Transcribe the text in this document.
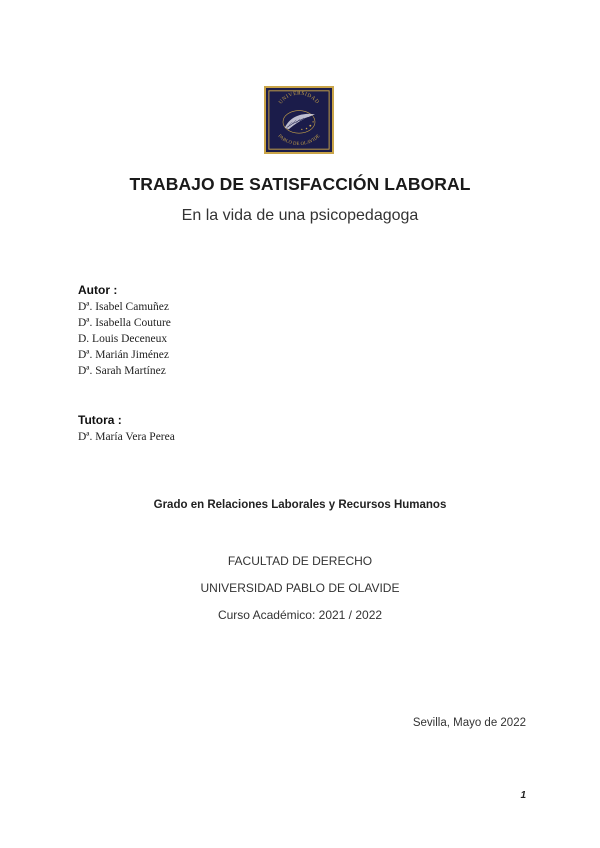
UNIVERSIDAD
PABLO DE OLAVIDE
TRABAJO DE SATISFACCIÓN LABORAL
En la vida de una psicopedagoga
Autor :
Dª. Isabel Camuñez
Dª. Isabella Couture
D. Louis Deceneux
Dª. Marián Jiménez
Dª. Sarah Martínez
Tutora :
Dª. María Vera Perea
Grado en Relaciones Laborales y Recursos Humanos
FACULTAD DE DERECHO
UNIVERSIDAD PABLO DE OLAVIDE
Curso Académico: 2021 / 2022
Sevilla, Mayo de 2022
1
